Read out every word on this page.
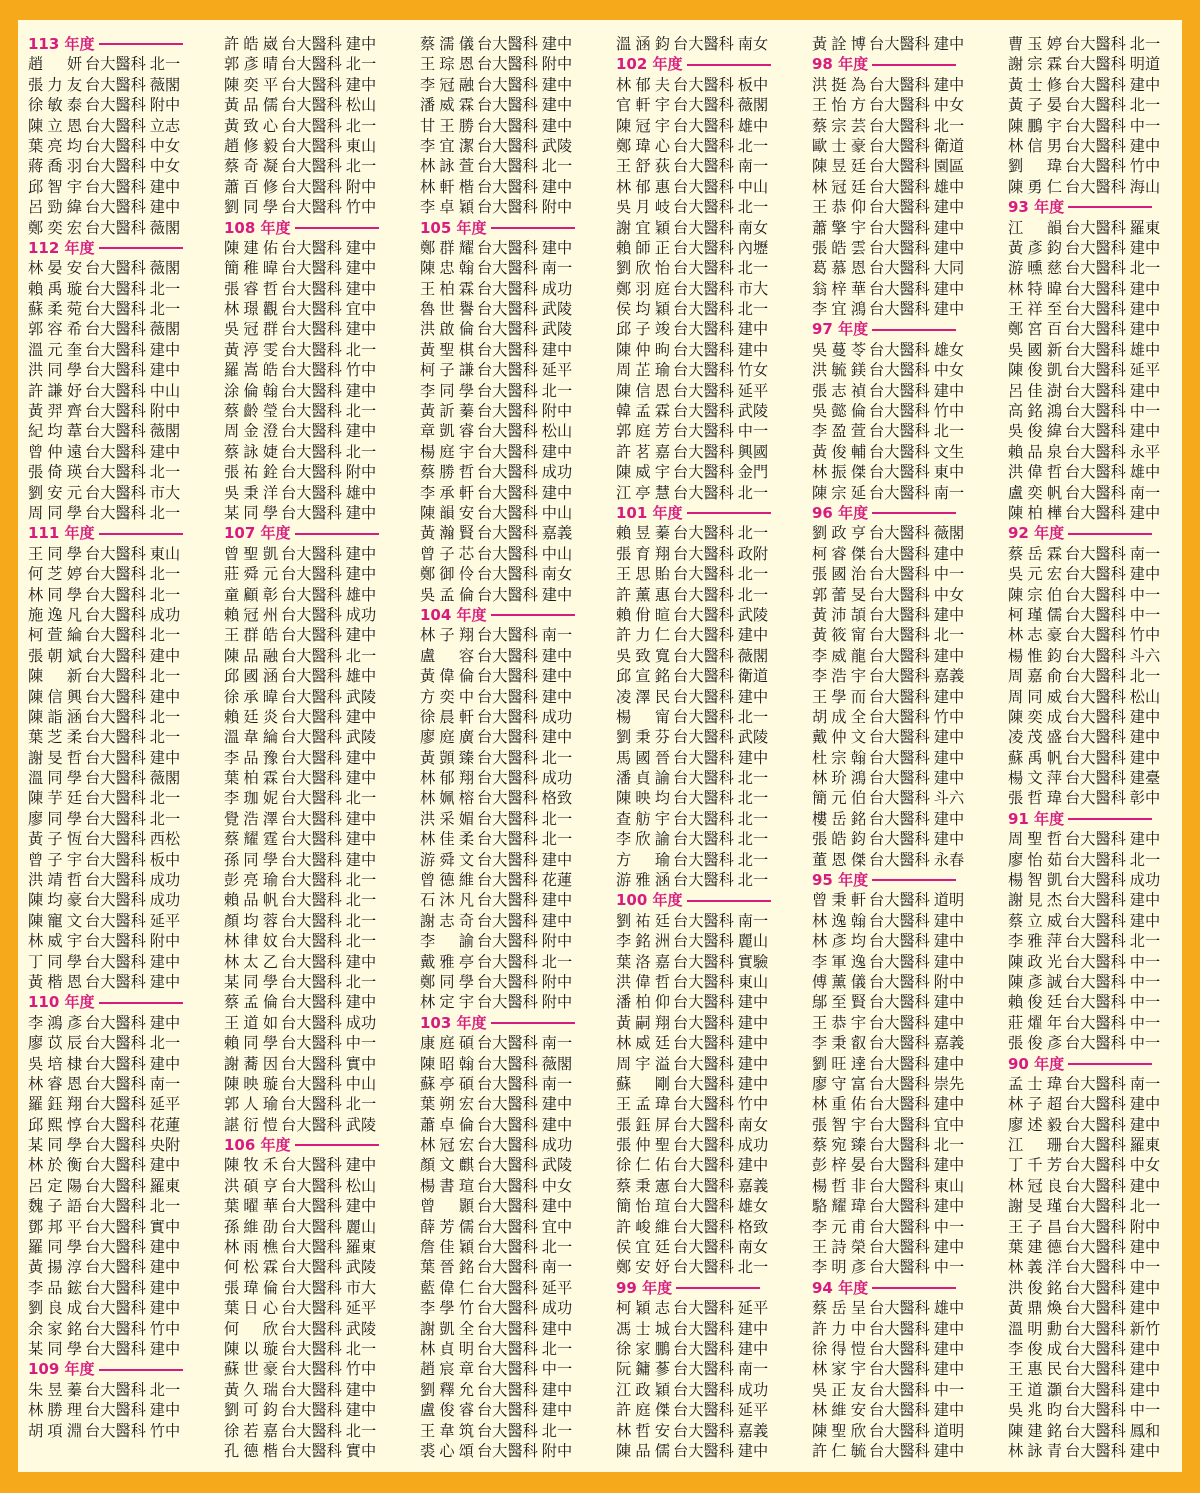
113 年度
趙　妍 台大醫科 北一
張力友 台大醫科 薇閣
徐敏泰 台大醫科 附中
陳立恩 台大醫科 立志
葉亮均 台大醫科 中女
蔣喬羽 台大醫科 中女
邱智宇 台大醫科 建中
呂勁緯 台大醫科 建中
鄭奕宏 台大醫科 薇閣
112 年度
林晏安 台大醫科 薇閣
賴禹璇 台大醫科 北一
蘇柔菀 台大醫科 北一
郭容希 台大醫科 薇閣
溫元奎 台大醫科 建中
洪同學 台大醫科 建中
許謙妤 台大醫科 中山
黃羿齊 台大醫科 附中
紀均葦 台大醫科 薇閣
曾仲遠 台大醫科 建中
張倚瑛 台大醫科 北一
劉安元 台大醫科 市大
周同學 台大醫科 北一
111 年度
王同學 台大醫科 東山
何芝婷 台大醫科 北一
林同學 台大醫科 北一
施逸凡 台大醫科 成功
柯萱綸 台大醫科 北一
張朝斌 台大醫科 建中
陳　新 台大醫科 北一
陳信興 台大醫科 建中
陳詣涵 台大醫科 北一
葉芝柔 台大醫科 北一
謝旻哲 台大醫科 建中
溫同學 台大醫科 薇閣
陳芋廷 台大醫科 北一
廖同學 台大醫科 北一
黃子恆 台大醫科 西松
曾子宇 台大醫科 板中
洪靖哲 台大醫科 成功
陳均豪 台大醫科 成功
陳寵文 台大醫科 延平
林威宇 台大醫科 附中
丁同學 台大醫科 建中
黃楷恩 台大醫科 建中
110 年度
李鴻彥 台大醫科 建中
廖苡辰 台大醫科 北一
吳培棣 台大醫科 建中
林睿恩 台大醫科 南一
羅鈺翔 台大醫科 延平
邱熙惇 台大醫科 花蓮
某同學 台大醫科 央附
林於衡 台大醫科 建中
呂定陽 台大醫科 羅東
魏子語 台大醫科 北一
鄧邦平 台大醫科 實中
羅同學 台大醫科 建中
黃揚淳 台大醫科 建中
李品鋐 台大醫科 建中
劉良成 台大醫科 建中
余家銘 台大醫科 竹中
某同學 台大醫科 建中
109 年度
朱昱蓁 台大醫科 北一
林勝理 台大醫科 建中
胡項淵 台大醫科 竹中
許皓崴 台大醫科 建中
郭彥晴 台大醫科 北一
陳奕平 台大醫科 建中
黃品儒 台大醫科 松山
黃致心 台大醫科 北一
趙修毅 台大醫科 東山
蔡奇凝 台大醫科 北一
蕭百修 台大醫科 附中
劉同學 台大醫科 竹中
108 年度
陳建佑 台大醫科 建中
簡稚暐 台大醫科 建中
張睿哲 台大醫科 建中
林璟觀 台大醫科 宜中
吳冠群 台大醫科 建中
黃渟雯 台大醫科 北一
羅嵩皓 台大醫科 竹中
涂倫翰 台大醫科 建中
蔡齡瑩 台大醫科 北一
周金澄 台大醫科 建中
蔡詠婕 台大醫科 北一
張祐銓 台大醫科 附中
吳秉洋 台大醫科 雄中
某同學 台大醫科 建中
107 年度
曾聖凱 台大醫科 建中
莊舜元 台大醫科 建中
童顧彰 台大醫科 雄中
賴冠州 台大醫科 成功
王群皓 台大醫科 建中
陳品融 台大醫科 北一
邱國涵 台大醫科 雄中
徐承暐 台大醫科 武陵
賴廷炎 台大醫科 建中
溫韋綸 台大醫科 武陵
李品豫 台大醫科 建中
葉柏霖 台大醫科 建中
李珈妮 台大醫科 北一
覺浩澤 台大醫科 建中
蔡耀霆 台大醫科 建中
孫同學 台大醫科 建中
彭亮瑜 台大醫科 北一
賴品帆 台大醫科 北一
顏均蓉 台大醫科 北一
林律妏 台大醫科 北一
林太乙 台大醫科 建中
某同學 台大醫科 北一
蔡孟倫 台大醫科 建中
王道如 台大醫科 成功
賴同學 台大醫科 中一
謝蕎因 台大醫科 實中
陳映璇 台大醫科 中山
郭人瑜 台大醫科 北一
諶衍愷 台大醫科 武陵
106 年度
陳牧禾 台大醫科 建中
洪碩亨 台大醫科 松山
葉曜華 台大醫科 建中
孫維劭 台大醫科 麗山
林雨樵 台大醫科 羅東
何松霖 台大醫科 武陵
張瑋倫 台大醫科 市大
葉日心 台大醫科 延平
何　欣 台大醫科 武陵
陳以璇 台大醫科 北一
蘇世豪 台大醫科 竹中
黃久瑞 台大醫科 建中
劉可鈞 台大醫科 建中
徐若嘉 台大醫科 北一
孔德楷 台大醫科 實中
蔡濡儀 台大醫科 建中
王琮恩 台大醫科 附中
李冠融 台大醫科 建中
潘威霖 台大醫科 建中
甘王勝 台大醫科 建中
李宜潔 台大醫科 武陵
林詠萱 台大醫科 北一
林軒楷 台大醫科 建中
李卓穎 台大醫科 附中
105 年度
鄭群耀 台大醫科 建中
陳忠翰 台大醫科 南一
王柏霖 台大醫科 成功
魯世譽 台大醫科 武陵
洪啟倫 台大醫科 武陵
黃聖棋 台大醫科 建中
柯子謙 台大醫科 延平
李同學 台大醫科 北一
黃訢蓁 台大醫科 附中
章凱睿 台大醫科 松山
楊庭宇 台大醫科 建中
蔡勝哲 台大醫科 成功
李承軒 台大醫科 建中
陳韻安 台大醫科 中山
黃瀚賢 台大醫科 嘉義
曾子芯 台大醫科 中山
鄭御伶 台大醫科 南女
吳孟倫 台大醫科 建中
104 年度
林子翔 台大醫科 南一
盧　容 台大醫科 建中
黃偉倫 台大醫科 建中
方奕中 台大醫科 建中
徐晨軒 台大醫科 成功
廖庭廣 台大醫科 建中
黃顗臻 台大醫科 北一
林郁翔 台大醫科 成功
林姵榕 台大醫科 格致
洪采媚 台大醫科 北一
林佳柔 台大醫科 北一
游舜文 台大醫科 建中
曾德維 台大醫科 花蓮
石沐凡 台大醫科 建中
謝志奇 台大醫科 建中
李　諭 台大醫科 附中
戴雅亭 台大醫科 北一
鄭同學 台大醫科 附中
林定宇 台大醫科 附中
103 年度
康庭碩 台大醫科 南一
陳昭翰 台大醫科 薇閣
蘇亭碩 台大醫科 南一
葉朔宏 台大醫科 建中
蕭卓倫 台大醫科 建中
林冠宏 台大醫科 成功
顏文麒 台大醫科 武陵
楊書瑄 台大醫科 中女
曾　顥 台大醫科 建中
薛芳儒 台大醫科 宜中
詹佳穎 台大醫科 北一
葉晉銘 台大醫科 南一
藍偉仁 台大醫科 延平
李學竹 台大醫科 成功
謝凱全 台大醫科 建中
林貞明 台大醫科 北一
趙宸章 台大醫科 中一
劉釋允 台大醫科 建中
盧俊睿 台大醫科 建中
王韋筑 台大醫科 北一
裘心頌 台大醫科 附中
溫涵鈞 台大醫科 南女
102 年度
林郁夫 台大醫科 板中
官軒宇 台大醫科 薇閣
陳冠宇 台大醫科 雄中
鄭瑋心 台大醫科 北一
王舒荻 台大醫科 南一
林郁惠 台大醫科 中山
吳月岐 台大醫科 北一
謝宜穎 台大醫科 南女
賴師正 台大醫科 內壢
劉欣怡 台大醫科 北一
鄭羽庭 台大醫科 市大
侯均穎 台大醫科 北一
邱子竣 台大醫科 建中
陳仲昫 台大醫科 建中
周芷瑜 台大醫科 竹女
陳信恩 台大醫科 延平
韓孟霖 台大醫科 武陵
郭庭芳 台大醫科 中一
許茗嘉 台大醫科 興國
陳威宇 台大醫科 金門
江亭慧 台大醫科 北一
101 年度
賴昱蓁 台大醫科 北一
張育翔 台大醫科 政附
王思貽 台大醫科 北一
許薰惠 台大醫科 北一
賴佾暄 台大醫科 武陵
許力仁 台大醫科 建中
吳致寬 台大醫科 薇閣
邱宣銘 台大醫科 衛道
凌澤民 台大醫科 建中
楊　甯 台大醫科 北一
劉秉芬 台大醫科 武陵
馬國晉 台大醫科 建中
潘貞諭 台大醫科 北一
陳映均 台大醫科 北一
查舫宇 台大醫科 北一
李欣諭 台大醫科 北一
方　瑜 台大醫科 北一
游雅涵 台大醫科 北一
100 年度
劉祐廷 台大醫科 南一
李銘洲 台大醫科 麗山
葉洛嘉 台大醫科 實驗
洪偉哲 台大醫科 東山
潘柏仰 台大醫科 建中
黃嗣翔 台大醫科 建中
林威廷 台大醫科 建中
周宇溢 台大醫科 建中
蘇　剛 台大醫科 建中
王孟瑋 台大醫科 竹中
張鈺屏 台大醫科 南女
張仲聖 台大醫科 成功
徐仁佑 台大醫科 建中
蔡秉憲 台大醫科 嘉義
簡怡瑄 台大醫科 雄女
許峻維 台大醫科 格致
侯宜廷 台大醫科 南女
鄭安妤 台大醫科 北一
99 年度
柯穎志 台大醫科 延平
馮士城 台大醫科 建中
徐家鵬 台大醫科 建中
阮鏞蔘 台大醫科 南一
江政穎 台大醫科 成功
許庭傑 台大醫科 延平
林哲安 台大醫科 嘉義
陳品儒 台大醫科 建中
黃詮博 台大醫科 建中
98 年度
洪挺為 台大醫科 建中
王怡方 台大醫科 中女
蔡宗芸 台大醫科 北一
歐士豪 台大醫科 衛道
陳昱廷 台大醫科 園區
林冠廷 台大醫科 雄中
王恭仰 台大醫科 建中
蕭擎宇 台大醫科 建中
張皓雲 台大醫科 建中
葛慕恩 台大醫科 大同
翁梓華 台大醫科 建中
李宜鴻 台大醫科 建中
97 年度
吳蔓苓 台大醫科 雄女
洪毓鎂 台大醫科 中女
張志禎 台大醫科 建中
吳懿倫 台大醫科 竹中
李盈萱 台大醫科 北一
黃俊輔 台大醫科 文生
林振傑 台大醫科 東中
陳宗延 台大醫科 南一
96 年度
劉政亨 台大醫科 薇閣
柯睿傑 台大醫科 建中
張國治 台大醫科 中一
郭蕾旻 台大醫科 中女
黃沛頡 台大醫科 建中
黃筱甯 台大醫科 北一
李威龍 台大醫科 建中
李浩宇 台大醫科 嘉義
王學而 台大醫科 建中
胡成全 台大醫科 竹中
戴仲文 台大醫科 建中
杜宗翰 台大醫科 建中
林玠鴻 台大醫科 建中
簡元伯 台大醫科 斗六
樓岳銘 台大醫科 建中
張皓鈞 台大醫科 建中
董恩傑 台大醫科 永春
95 年度
曾秉軒 台大醫科 道明
林逸翰 台大醫科 建中
林彥均 台大醫科 建中
李軍逸 台大醫科 建中
傅薰儀 台大醫科 附中
鄔至賢 台大醫科 建中
王恭宇 台大醫科 建中
李秉叡 台大醫科 嘉義
劉旺達 台大醫科 建中
廖守富 台大醫科 崇先
林重佑 台大醫科 建中
張智宇 台大醫科 宜中
蔡宛臻 台大醫科 北一
彭梓晏 台大醫科 建中
楊哲非 台大醫科 東山
駱耀瑋 台大醫科 建中
李元甫 台大醫科 中一
王詩榮 台大醫科 建中
李明彥 台大醫科 中一
94 年度
蔡岳呈 台大醫科 雄中
許力中 台大醫科 建中
徐得愷 台大醫科 建中
林家宇 台大醫科 建中
吳正友 台大醫科 中一
林維安 台大醫科 建中
陳聖欣 台大醫科 道明
許仁毓 台大醫科 建中
曹玉婷 台大醫科 北一
謝宗霖 台大醫科 明道
黃士修 台大醫科 建中
黃子晏 台大醫科 北一
陳鵬宇 台大醫科 中一
林信男 台大醫科 建中
劉　瑋 台大醫科 竹中
陳勇仁 台大醫科 海山
93 年度
江　韻 台大醫科 羅東
黃彥鈞 台大醫科 建中
游曛慈 台大醫科 北一
林特暐 台大醫科 建中
王祥至 台大醫科 建中
鄭宮百 台大醫科 建中
吳國新 台大醫科 雄中
陳俊凱 台大醫科 延平
呂佳澍 台大醫科 建中
高銘鴻 台大醫科 中一
吳俊緯 台大醫科 建中
賴品泉 台大醫科 永平
洪偉哲 台大醫科 雄中
盧奕帆 台大醫科 南一
陳柏樺 台大醫科 建中
92 年度
蔡岳霖 台大醫科 南一
吳元宏 台大醫科 建中
陳宗伯 台大醫科 中一
柯瑾儒 台大醫科 中一
林志豪 台大醫科 竹中
楊惟鈞 台大醫科 斗六
周嘉俞 台大醫科 北一
周同威 台大醫科 松山
陳奕成 台大醫科 建中
凌茂盛 台大醫科 建中
蘇禹帆 台大醫科 建中
楊文萍 台大醫科 建臺
張哲瑋 台大醫科 彰中
91 年度
周聖哲 台大醫科 建中
廖怡茹 台大醫科 北一
楊智凱 台大醫科 成功
謝見杰 台大醫科 建中
蔡立威 台大醫科 建中
李雅萍 台大醫科 北一
陳政光 台大醫科 中一
陳彥誠 台大醫科 中一
賴俊廷 台大醫科 中一
莊燿年 台大醫科 中一
張俊彥 台大醫科 中一
90 年度
孟士瑋 台大醫科 南一
林子超 台大醫科 建中
廖述毅 台大醫科 建中
江　珊 台大醫科 羅東
丁千芳 台大醫科 中女
林冠良 台大醫科 建中
謝旻瑾 台大醫科 北一
王子昌 台大醫科 附中
葉建德 台大醫科 建中
林義洋 台大醫科 中一
洪俊銘 台大醫科 建中
黃鼎煥 台大醫科 建中
溫明勳 台大醫科 新竹
李俊成 台大醫科 建中
王惠民 台大醫科 建中
王道灝 台大醫科 建中
吳兆昀 台大醫科 中一
陳建銘 台大醫科 鳳和
林詠青 台大醫科 建中
